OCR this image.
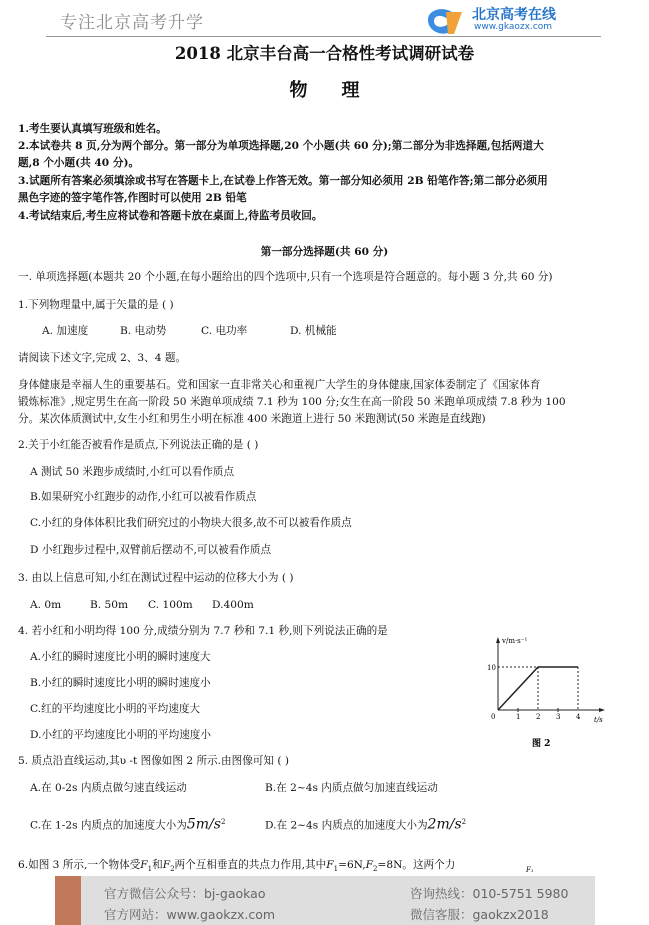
专注北京高考升学	北京高考在线
www.gkaozx.com
2018 北京丰台高一合格性考试调研试卷
物理
1.考生要认真填写班级和姓名。
2.本试卷共 8 页,分为两个部分。第一部分为单项选择题,20 个小题(共 60 分);第二部分为非选择题,包括两道大
题,8 个小题(共 40 分)。
3.试题所有答案必须填涂或书写在答题卡上,在试卷上作答无效。第一部分知必须用 2B 铅笔作答;第二部分必须用
黑色字迹的签字笔作答,作图时可以使用 2B 铅笔
4.考试结束后,考生应将试卷和答题卡放在桌面上,待监考员收回。
第一部分选择题(共 60 分)
一. 单项选择题(本题共 20 个小题,在每小题给出的四个选项中,只有一个选项是符合题意的。每小题 3 分,共 60 分)
1.下列物理量中,属于矢量的是 ( )
A. 加速度	B. 电动势	C. 电功率	D. 机械能
请阅读下述文字,完成 2、3、4 题。
身体健康是幸福人生的重要基石。党和国家一直非常关心和重视广大学生的身体健康,国家体委制定了《国家体育
锻炼标准》,规定男生在高一阶段 50 米跑单项成绩 7.1 秒为 100 分;女生在高一阶段 50 米跑单项成绩 7.8 秒为 100
分。某次体质测试中,女生小红和男生小明在标准 400 米跑道上进行 50 米跑测试(50 米跑是直线跑)
2.关于小红能否被看作是质点,下列说法正确的是 ( )
A 测试 50 米跑步成绩时,小红可以看作质点
B.如果研究小红跑步的动作,小红可以被看作质点
C.小红的身体体积比我们研究过的小物块大很多,故不可以被看作质点
D 小红跑步过程中,双臂前后摆动不,可以被看作质点
3. 由以上信息可知,小红在测试过程中运动的位移大小为 ( )
A. 0m	B. 50m C. 100m D.400m
4. 若小红和小明均得 100 分,成绩分别为 7.7 秒和 7.1 秒,则下列说法正确的是
A.小红的瞬时速度比小明的瞬时速度大
B.小红的瞬时速度比小明的瞬时速度小
C.红的平均速度比小明的平均速度大
D.小红的平均速度比小明的平均速度小
v/m·s⁻¹
10
0	1 2 3 4 t/s
图 2
5. 质点沿直线运动,其υ -t 图像如图 2 所示.由图像可知 ( )
A.在 0-2s 内质点做匀速直线运动	B.在 2~4s 内质点做匀加速直线运动
C.在 1-2s 内质点的加速度大小为$5m/s^2$	D.在 2~4s 内质点的加速度大小为$2m/s^2$
6.如图 3 所示,一个物体受$F_1$和$F_2$两个互相垂直的共点力作用,其中$F_1=6N,F_2=8N$。这两个力	F₁
官方微信公众号：bj-gaokao
官方网站：www.gaokzx.com
咨询热线：010-5751 5980
微信客服：gaokzx2018
